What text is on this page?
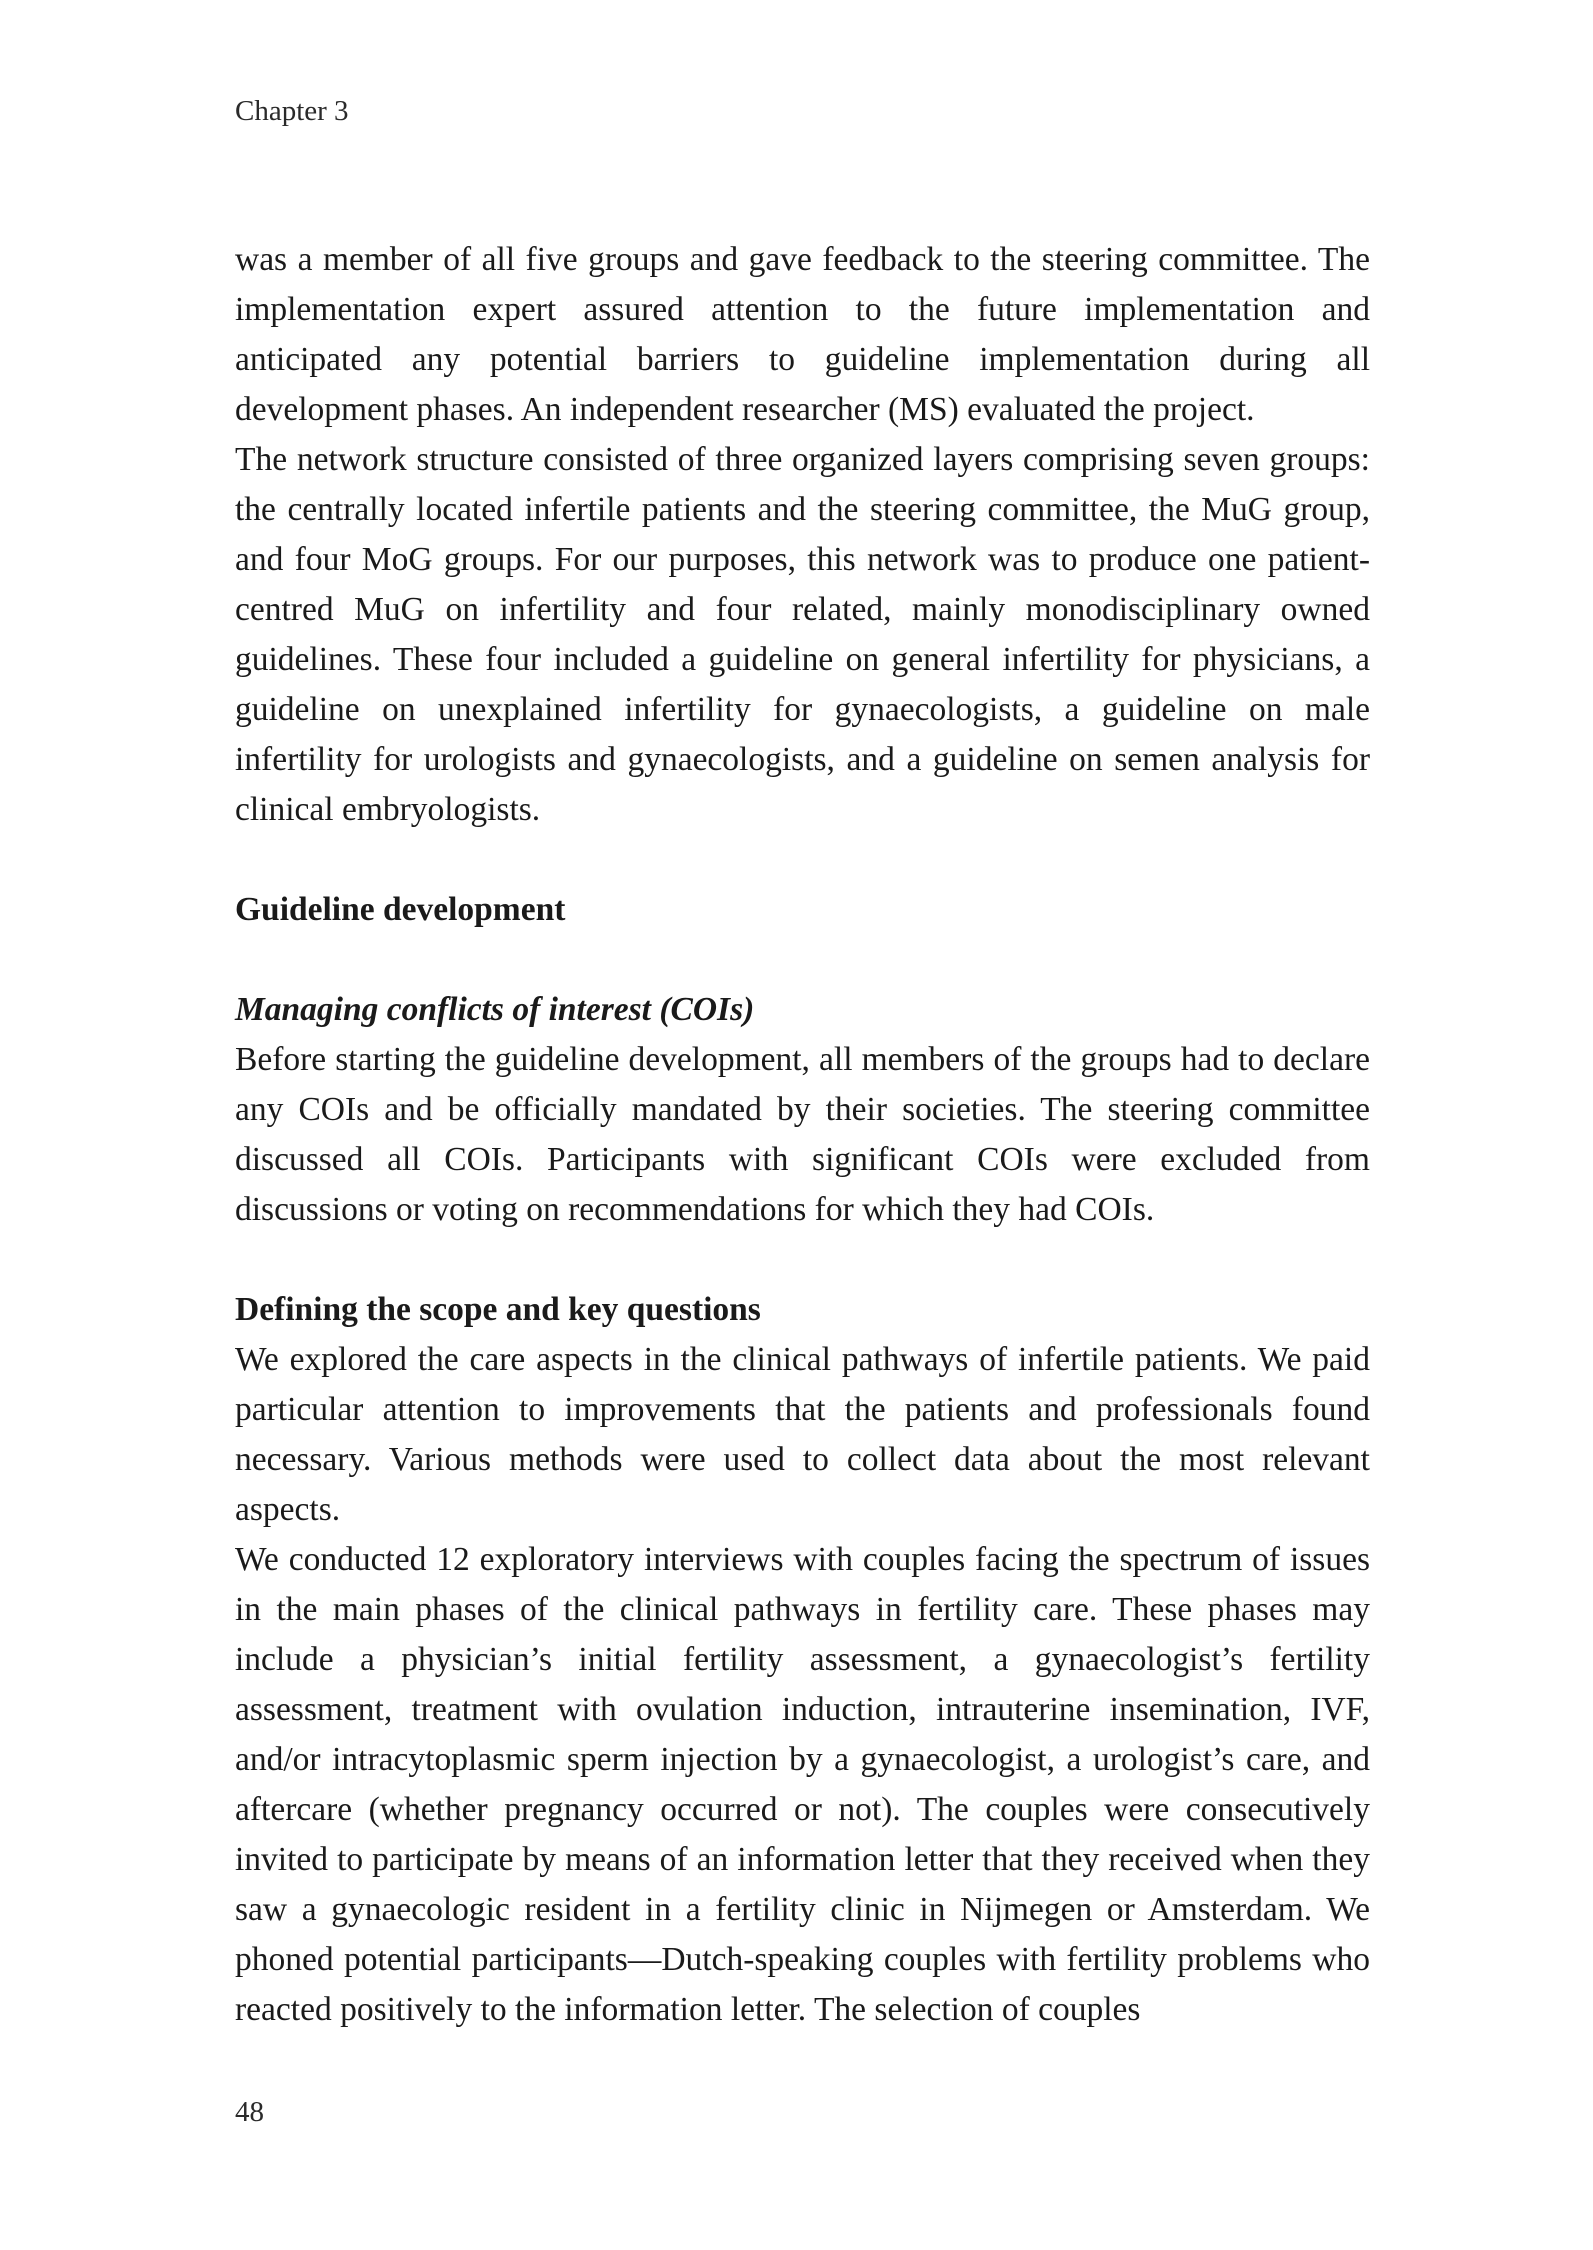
Chapter 3

was a member of all five groups and gave feedback to the steering committee. The implementation expert assured attention to the future implementation and anticipated any potential barriers to guideline implementation during all development phases. An independent researcher (MS) evaluated the project.

The network structure consisted of three organized layers comprising seven groups: the centrally located infertile patients and the steering committee, the MuG group, and four MoG groups. For our purposes, this network was to produce one patient-centred MuG on infertility and four related, mainly monodisciplinary owned guidelines. These four included a guideline on general infertility for physicians, a guideline on unexplained infertility for gynaecologists, a guideline on male infertility for urologists and gynaecologists, and a guideline on semen analysis for clinical embryologists.

Guideline development
Managing conflicts of interest (COIs)

Before starting the guideline development, all members of the groups had to declare any COIs and be officially mandated by their societies. The steering committee discussed all COIs. Participants with significant COIs were excluded from discussions or voting on recommendations for which they had COIs.

Defining the scope and key questions

We explored the care aspects in the clinical pathways of infertile patients. We paid particular attention to improvements that the patients and professionals found necessary. Various methods were used to collect data about the most relevant aspects.

We conducted 12 exploratory interviews with couples facing the spectrum of issues in the main phases of the clinical pathways in fertility care. These phases may include a physician’s initial fertility assessment, a gynaecologist’s fertility assessment, treatment with ovulation induction, intrauterine insemination, IVF, and/or intracytoplasmic sperm injection by a gynaecologist, a urologist’s care, and aftercare (whether pregnancy occurred or not). The couples were consecutively invited to participate by means of an information letter that they received when they saw a gynaecologic resident in a fertility clinic in Nijmegen or Amsterdam. We phoned potential participants—Dutch-speaking couples with fertility problems who reacted positively to the information letter. The selection of couples

48
